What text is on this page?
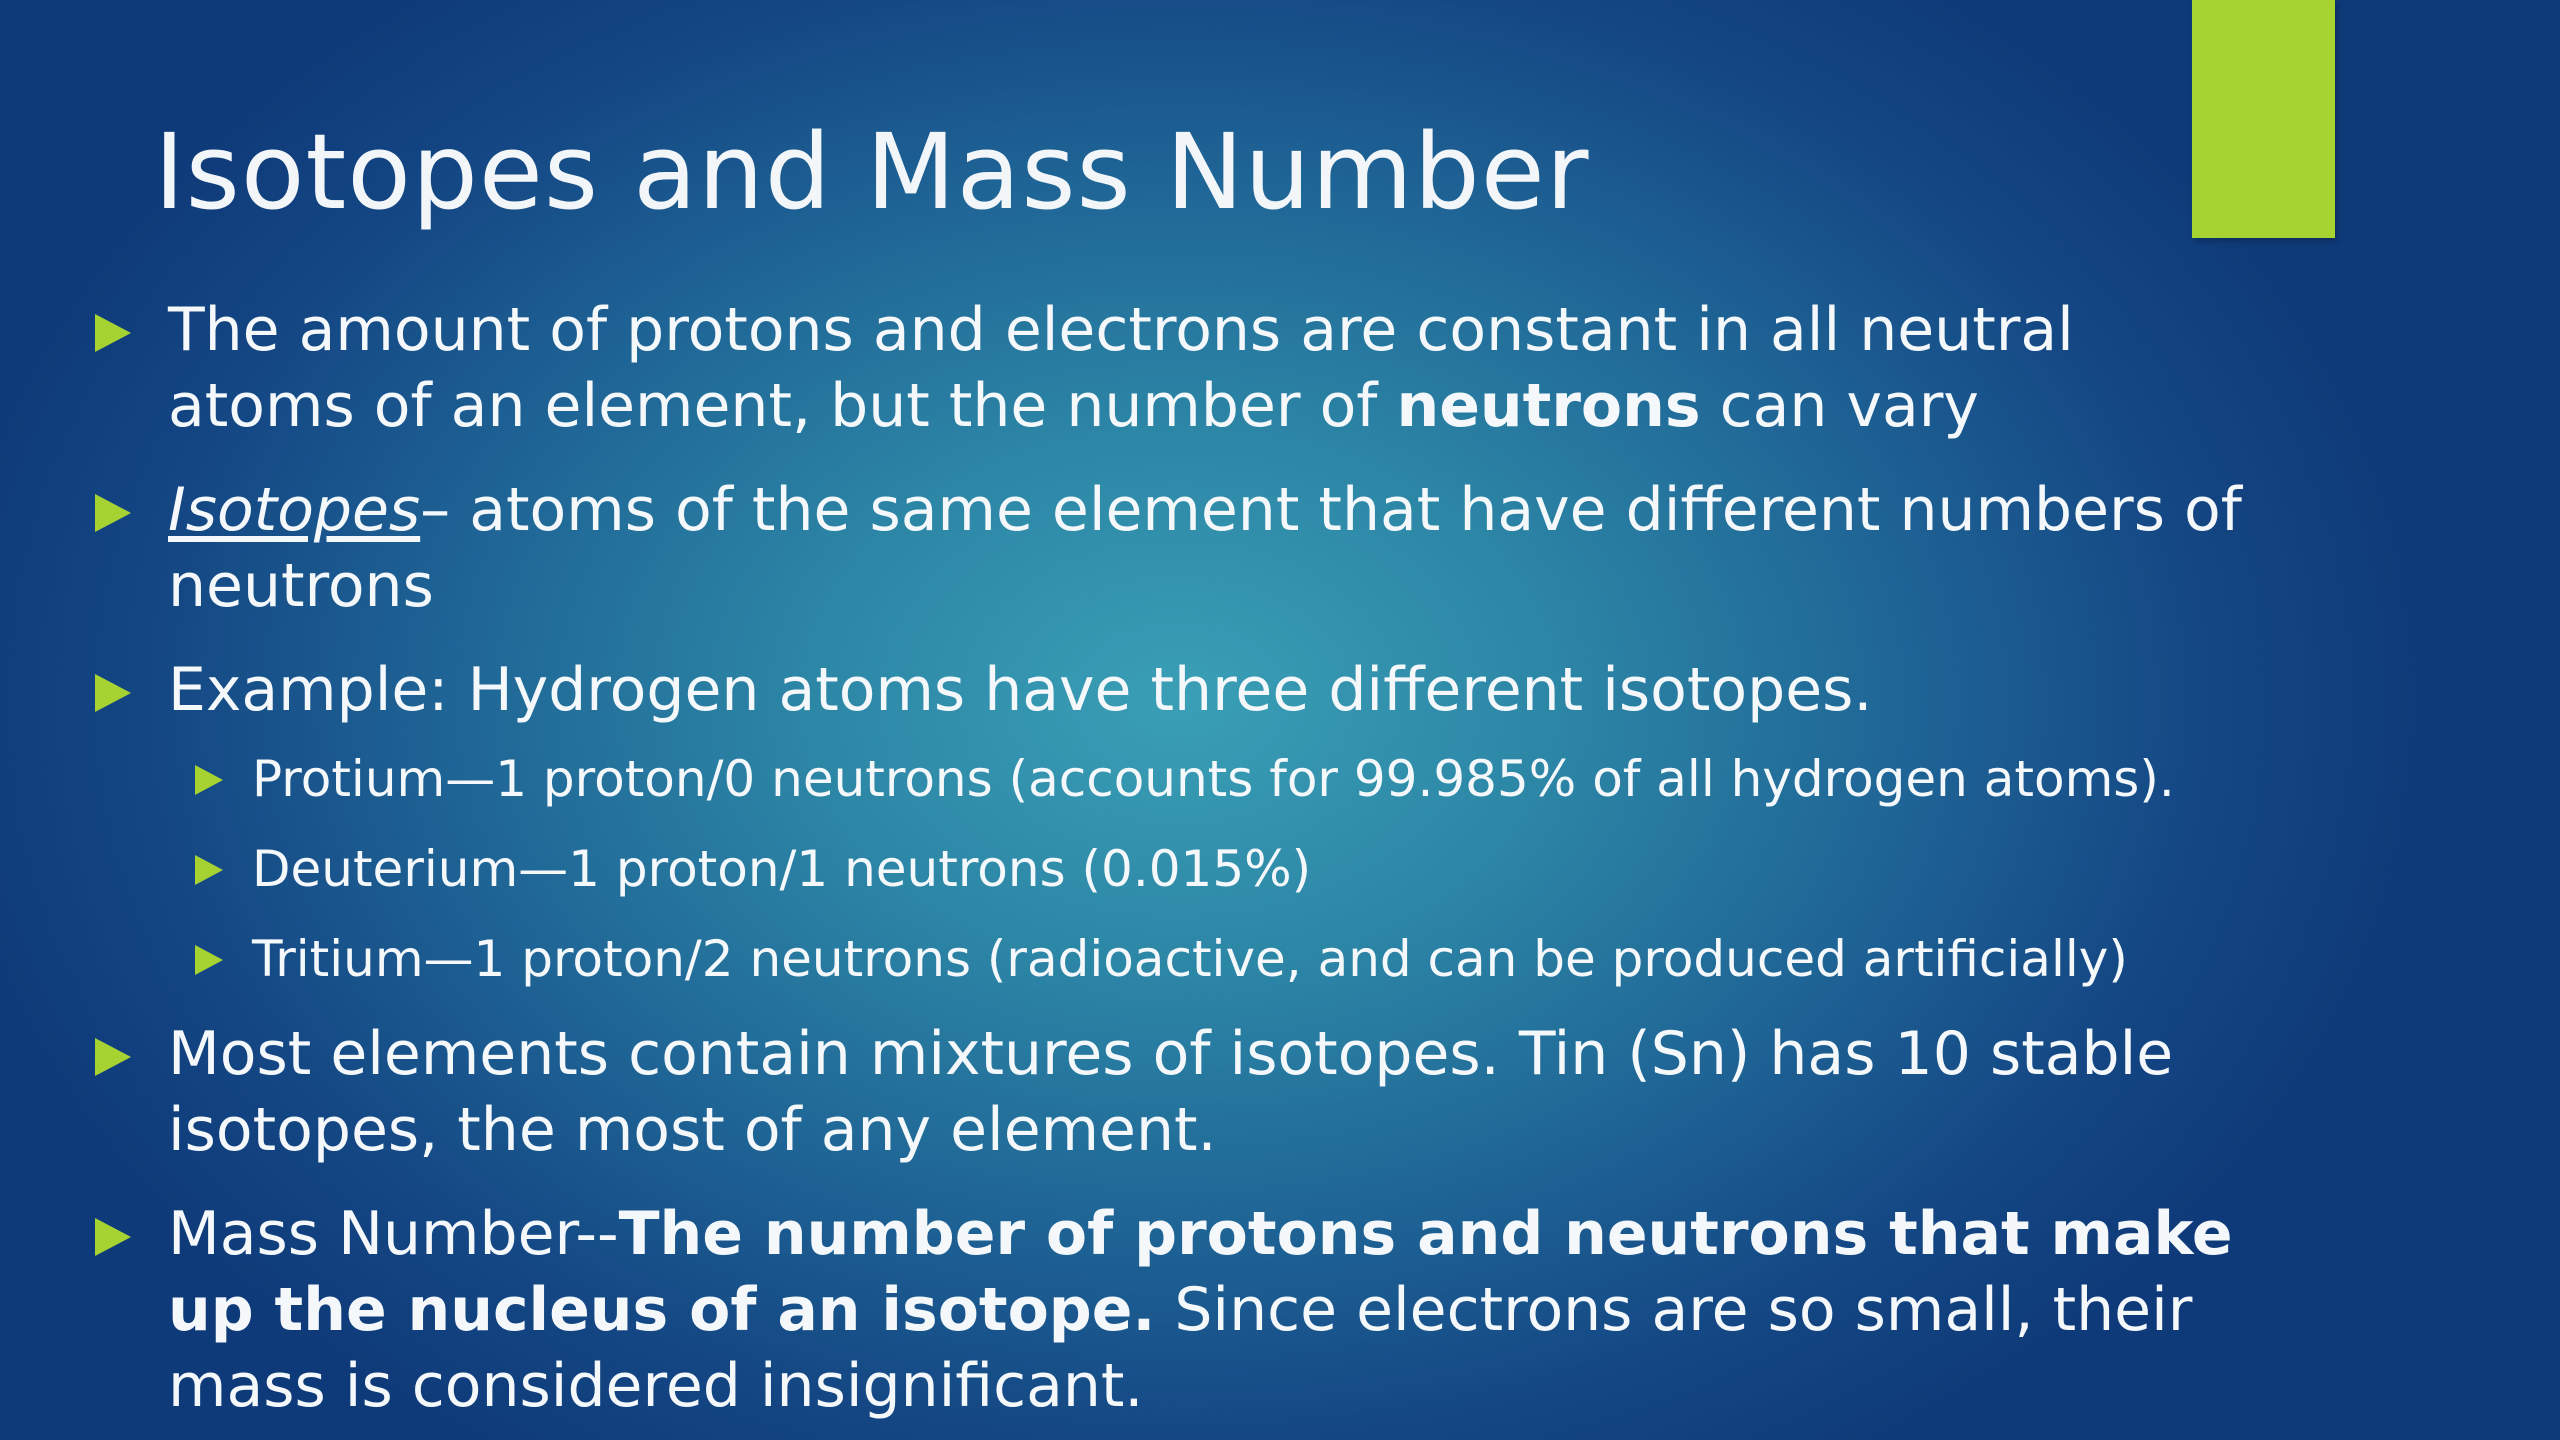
Isotopes and Mass Number
The amount of protons and electrons are constant in all neutral atoms of an element, but the number of neutrons can vary
Isotopes– atoms of the same element that have different numbers of neutrons
Example: Hydrogen atoms have three different isotopes.
Protium—1 proton/0 neutrons (accounts for 99.985% of all hydrogen atoms).
Deuterium—1 proton/1 neutrons (0.015%)
Tritium—1 proton/2 neutrons (radioactive, and can be produced artificially)
Most elements contain mixtures of isotopes. Tin (Sn) has 10 stable isotopes, the most of any element.
Mass Number--The number of protons and neutrons that make up the nucleus of an isotope. Since electrons are so small, their mass is considered insignificant.
